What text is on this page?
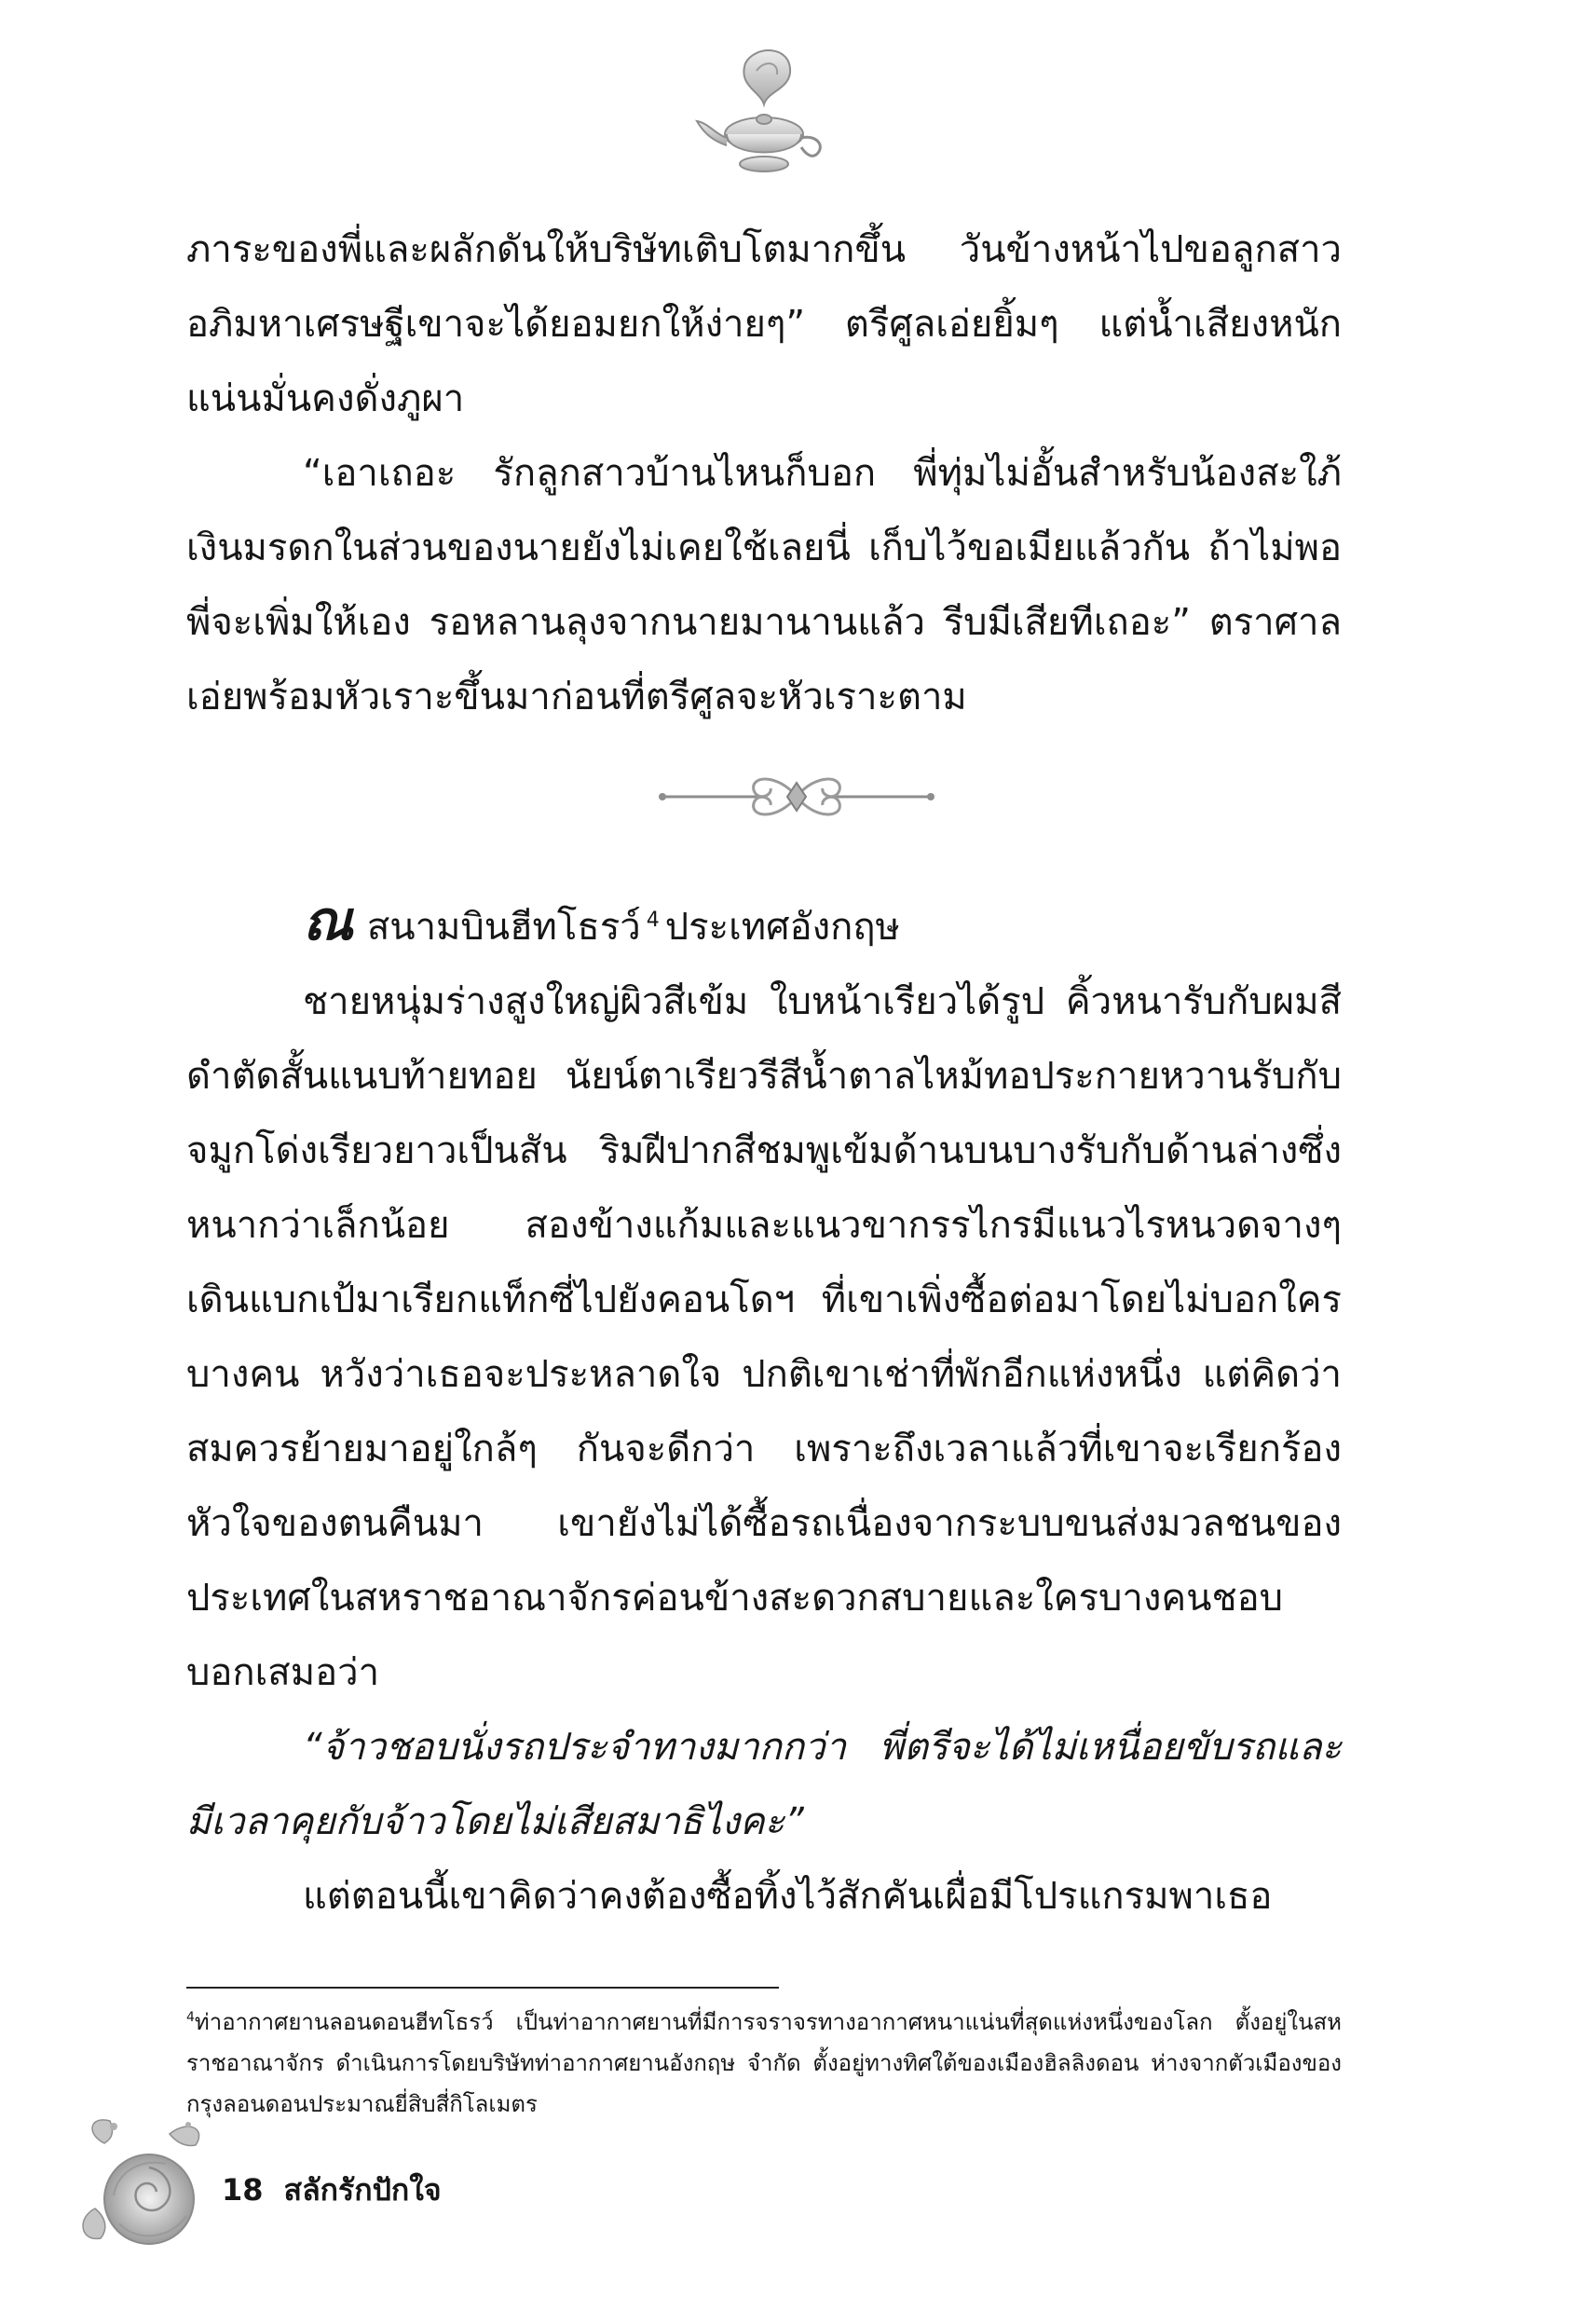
ภาระของพี่และผลักดันให้บริษัทเติบโตมากขึ้น วันข้างหน้าไปขอลูกสาวอภิมหาเศรษฐีเขาจะได้ยอมยกให้ง่ายๆ” ตรีศูลเอ่ยยิ้มๆ แต่น้ำเสียงหนักแน่นมั่นคงดั่งภูผา

“เอาเถอะ รักลูกสาวบ้านไหนก็บอก พี่ทุ่มไม่อั้นสำหรับน้องสะใภ้ เงินมรดกในส่วนของนายยังไม่เคยใช้เลยนี่ เก็บไว้ขอเมียแล้วกัน ถ้าไม่พอพี่จะเพิ่มให้เอง รอหลานลุงจากนายมานานแล้ว รีบมีเสียทีเถอะ” ตราศาลเอ่ยพร้อมหัวเราะขึ้นมาก่อนที่ตรีศูลจะหัวเราะตาม

ณ สนามบินฮีทโธรว์ $^4$ ประเทศอังกฤษ

ชายหนุ่มร่างสูงใหญ่ผิวสีเข้ม ใบหน้าเรียวได้รูป คิ้วหนารับกับผมสีดำตัดสั้นแนบท้ายทอย นัยน์ตาเรียวรีสีน้ำตาลไหม้ทอประกายหวานรับกับจมูกโด่งเรียวยาวเป็นสัน ริมฝีปากสีชมพูเข้มด้านบนบางรับกับด้านล่างซึ่งหนากว่าเล็กน้อย สองข้างแก้มและแนวขากรรไกรมีแนวไรหนวดจางๆ เดินแบกเป้มาเรียกแท็กซี่ไปยังคอนโดฯ ที่เขาเพิ่งซื้อต่อมาโดยไม่บอกใครบางคน หวังว่าเธอจะประหลาดใจ ปกติเขาเช่าที่พักอีกแห่งหนึ่ง แต่คิดว่าสมควรย้ายมาอยู่ใกล้ๆ กันจะดีกว่า เพราะถึงเวลาแล้วที่เขาจะเรียกร้องหัวใจของตนคืนมา เขายังไม่ได้ซื้อรถเนื่องจากระบบขนส่งมวลชนของประเทศในสหราชอาณาจักรค่อนข้างสะดวกสบายและใครบางคนชอบบอกเสมอว่า

“จ้าวชอบนั่งรถประจำทางมากกว่า พี่ตรีจะได้ไม่เหนื่อยขับรถและมีเวลาคุยกับจ้าวโดยไม่เสียสมาธิไงคะ”

แต่ตอนนี้เขาคิดว่าคงต้องซื้อทิ้งไว้สักคันเผื่อมีโปรแกรมพาเธอ

$^4$ท่าอากาศยานลอนดอนฮีทโธรว์ เป็นท่าอากาศยานที่มีการจราจรทางอากาศหนาแน่นที่สุดแห่งหนึ่งของโลก ตั้งอยู่ในสหราชอาณาจักร ดำเนินการโดยบริษัทท่าอากาศยานอังกฤษ จำกัด ตั้งอยู่ทางทิศใต้ของเมืองฮิลลิงดอน ห่างจากตัวเมืองของกรุงลอนดอนประมาณยี่สิบสี่กิโลเมตร
18 สลักรักปักใจ
